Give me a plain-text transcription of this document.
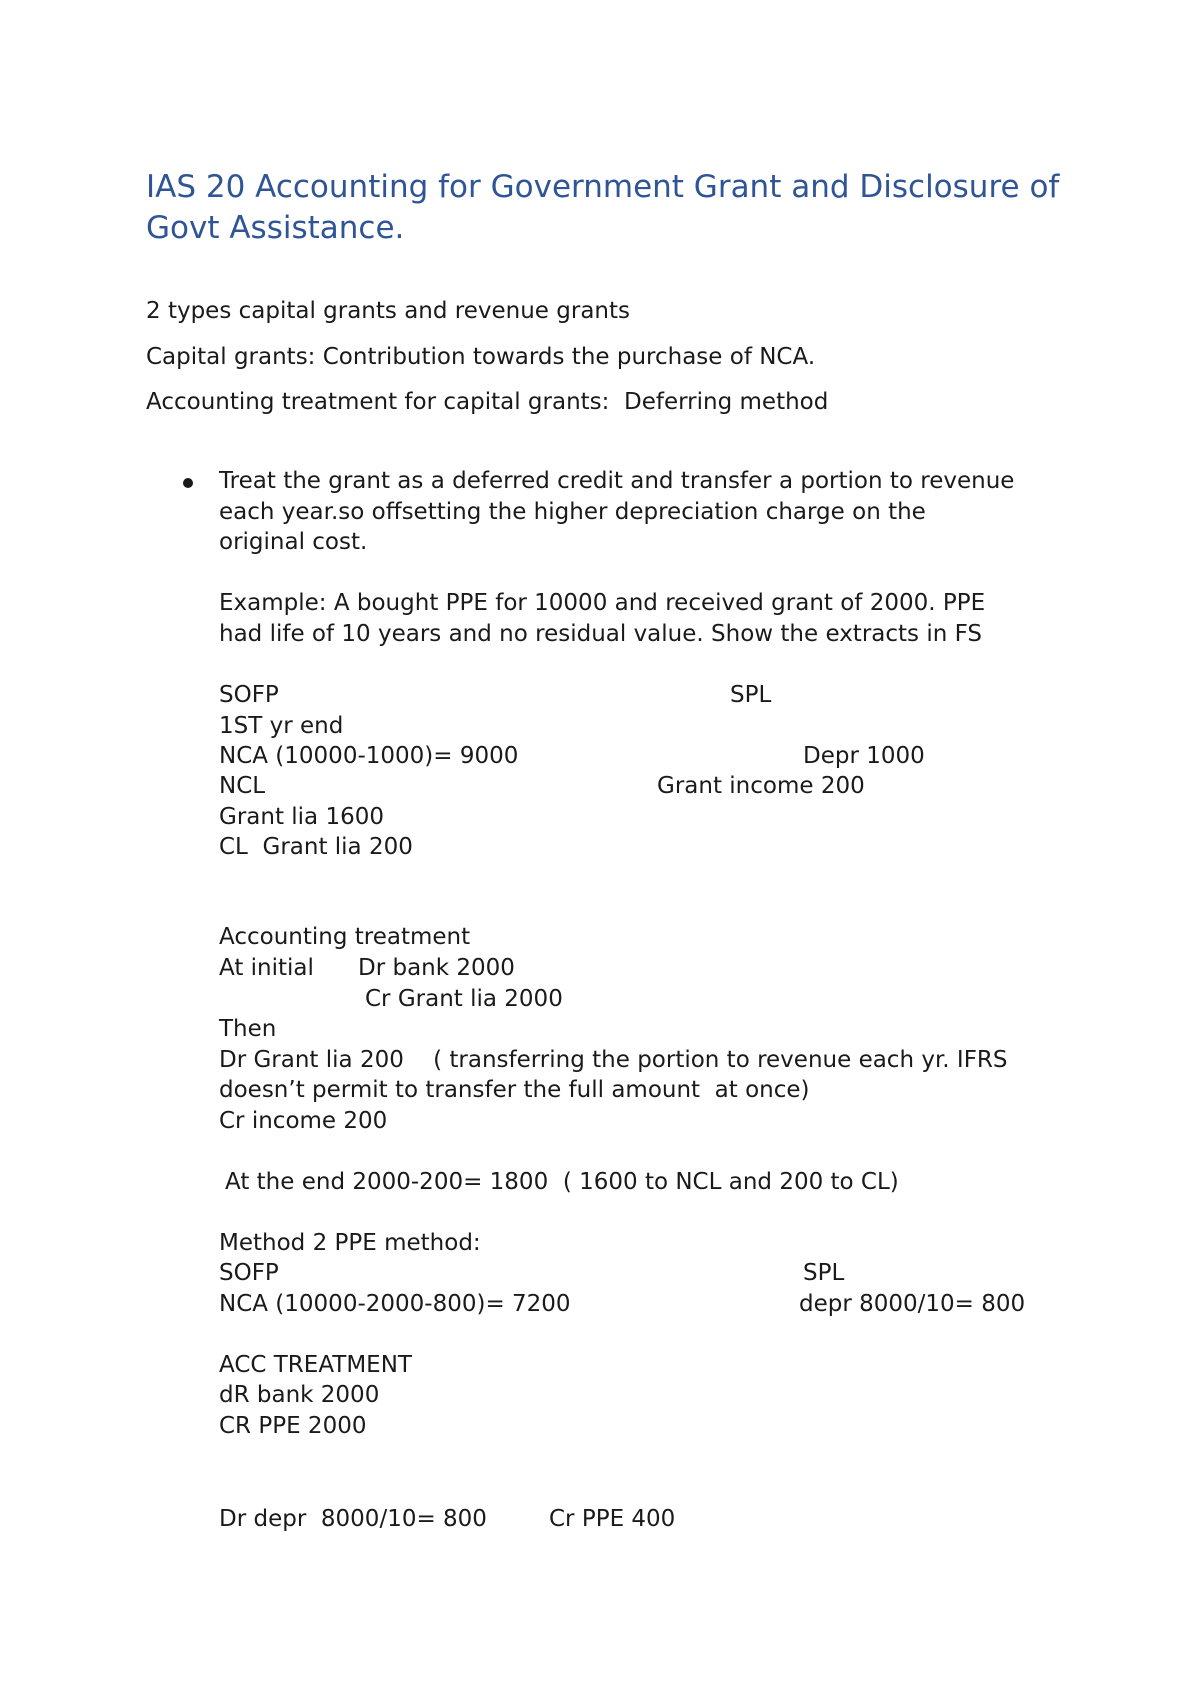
IAS 20 Accounting for Government Grant and Disclosure of Govt Assistance.
2 types capital grants and revenue grants
Capital grants: Contribution towards the purchase of NCA.
Accounting treatment for capital grants:  Deferring method
Treat the grant as a deferred credit and transfer a portion to revenue
each year.so offsetting the higher depreciation charge on the
original cost.
Example: A bought PPE for 10000 and received grant of 2000. PPE
had life of 10 years and no residual value. Show the extracts in FS
SOFP	SPL
1ST yr end
NCA (10000-1000)= 9000	Depr 1000
NCL	Grant income 200
Grant lia 1600
CL  Grant lia 200
Accounting treatment
At initial Dr bank 2000
Cr Grant lia 2000
Then
Dr Grant lia 200    ( transferring the portion to revenue each yr. IFRS
doesn’t permit to transfer the full amount  at once)
Cr income 200
At the end 2000-200= 1800  ( 1600 to NCL and 200 to CL)
Method 2 PPE method:
SOFP	SPL
NCA (10000-2000-800)= 7200	depr 8000/10= 800
ACC TREATMENT
dR bank 2000
CR PPE 2000
Dr depr  8000/10= 800	Cr PPE 400
